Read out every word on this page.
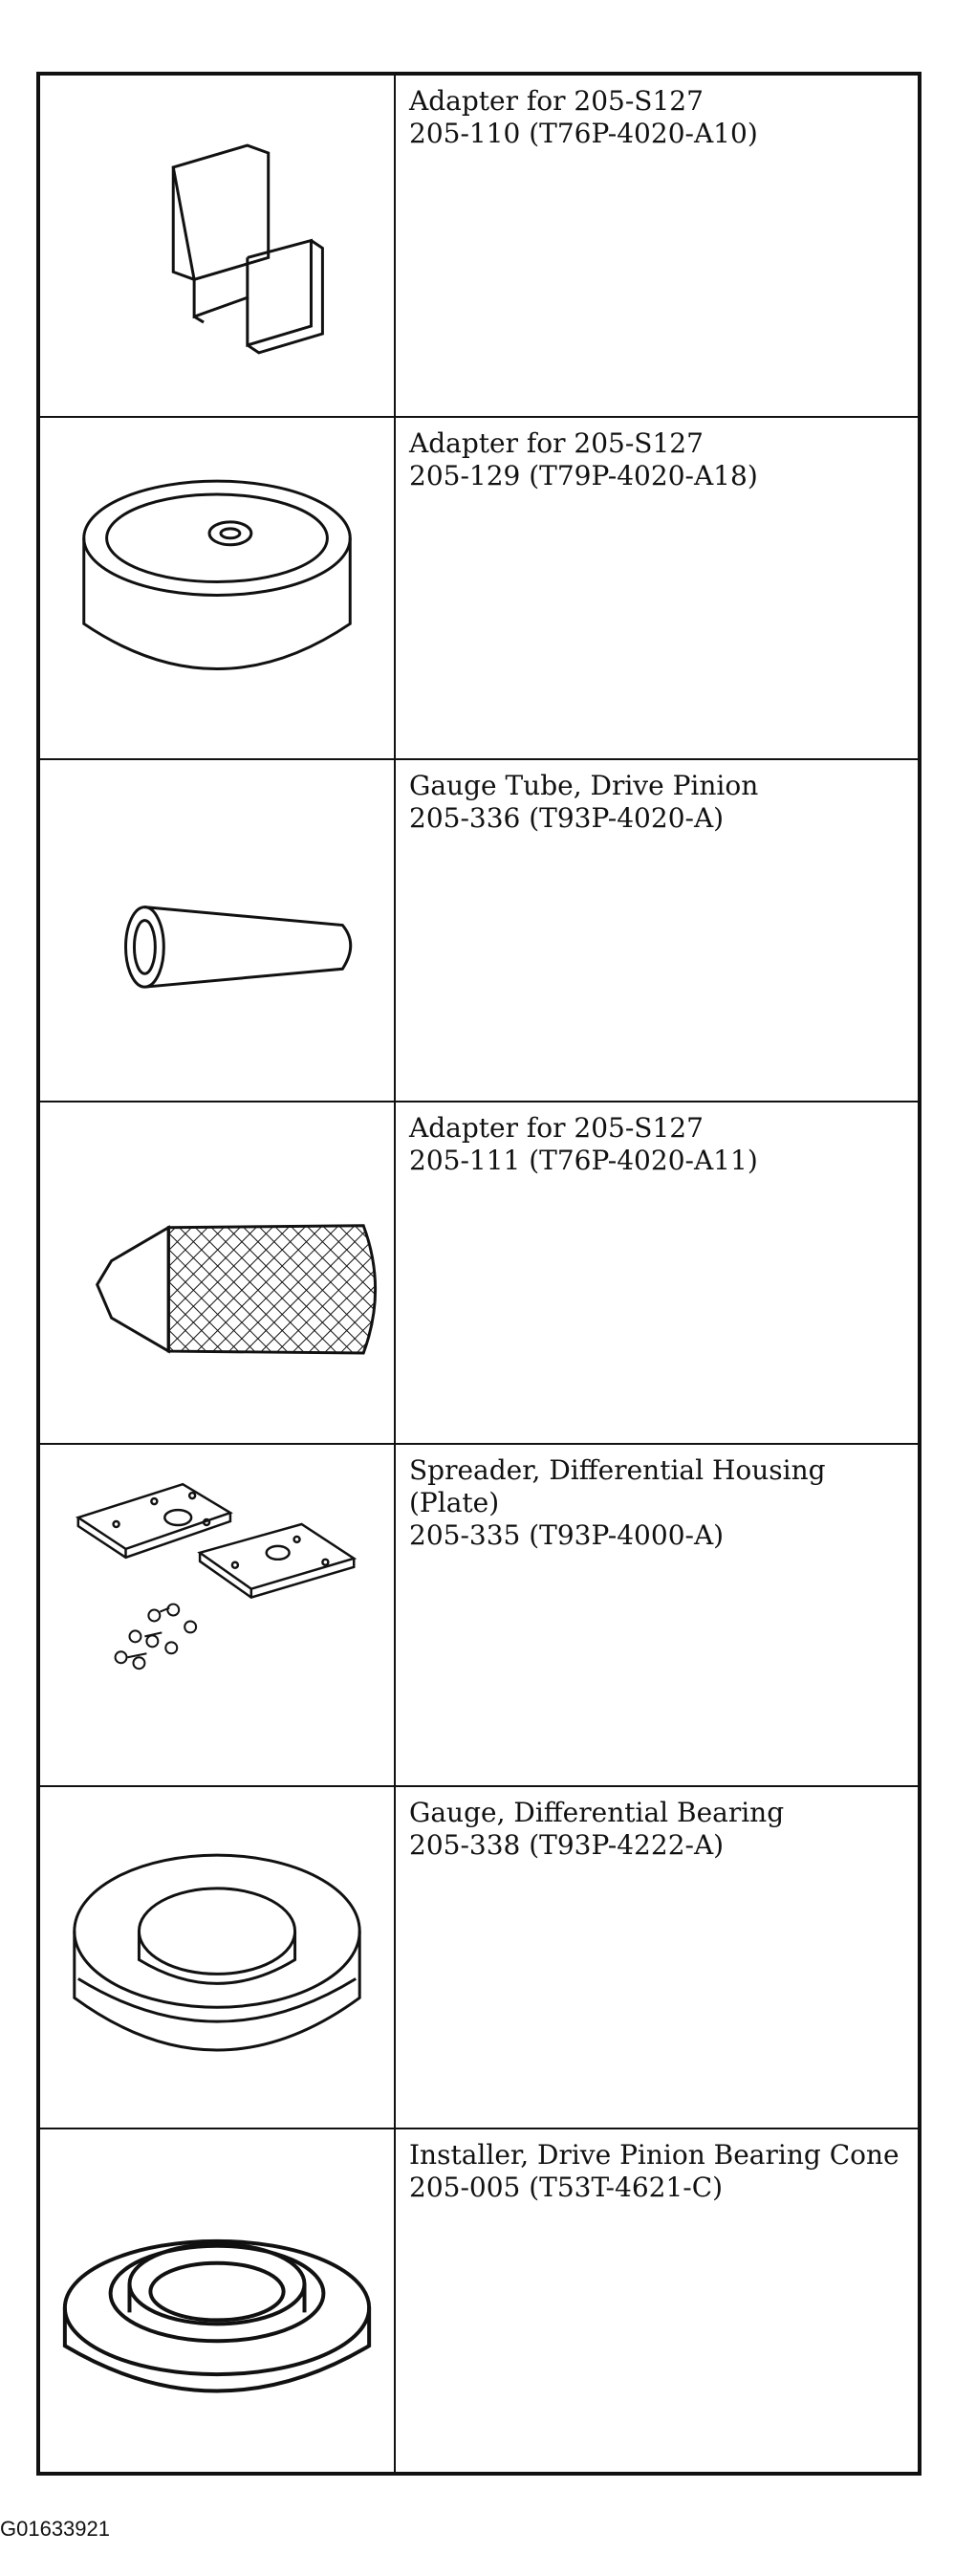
Adapter for 205-S127
205-110 (T76P-4020-A10)
Adapter for 205-S127
205-129 (T79P-4020-A18)
Gauge Tube, Drive Pinion
205-336 (T93P-4020-A)
Adapter for 205-S127
205-111 (T76P-4020-A11)
Spreader, Differential Housing (Plate)
205-335 (T93P-4000-A)
Gauge, Differential Bearing
205-338 (T93P-4222-A)
Installer, Drive Pinion Bearing Cone
205-005 (T53T-4621-C)
G01633921
